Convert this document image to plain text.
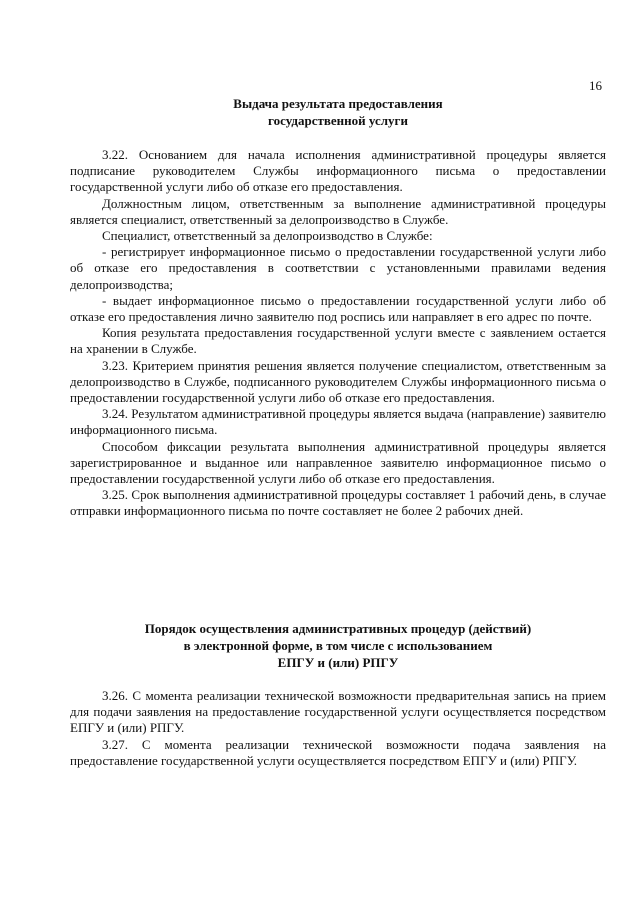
16
Выдача результата предоставления
государственной услуги

3.22. Основанием для начала исполнения административной процедуры является подписание руководителем Службы информационного письма о предоставлении государственной услуги либо об отказе его предоставления.

Должностным лицом, ответственным за выполнение административной процедуры является специалист, ответственный за делопроизводство в Службе.

Специалист, ответственный за делопроизводство в Службе:

- регистрирует информационное письмо о предоставлении государственной услуги либо об отказе его предоставления в соответствии с установленными правилами ведения делопроизводства;

- выдает информационное письмо о предоставлении государственной услуги либо об отказе его предоставления лично заявителю под роспись или направляет в его адрес по почте.

Копия результата предоставления государственной услуги вместе с заявлением остается на хранении в Службе.

3.23. Критерием принятия решения является получение специалистом, ответственным за делопроизводство в Службе, подписанного руководителем Службы информационного письма о предоставлении государственной услуги либо об отказе его предоставления.

3.24. Результатом административной процедуры является выдача (направление) заявителю информационного письма.

Способом фиксации результата выполнения административной процедуры является зарегистрированное и выданное или направленное заявителю информационное письмо о предоставлении государственной услуги либо об отказе его предоставления.

3.25. Срок выполнения административной процедуры составляет 1 рабочий день, в случае отправки информационного письма по почте составляет не более 2 рабочих дней.

Порядок осуществления административных процедур (действий)
в электронной форме, в том числе с использованием
ЕПГУ и (или) РПГУ

3.26. С момента реализации технической возможности предварительная запись на прием для подачи заявления на предоставление государственной услуги осуществляется посредством ЕПГУ и (или) РПГУ.

3.27. С момента реализации технической возможности подача заявления на предоставление государственной услуги осуществляется посредством ЕПГУ и (или) РПГУ.
